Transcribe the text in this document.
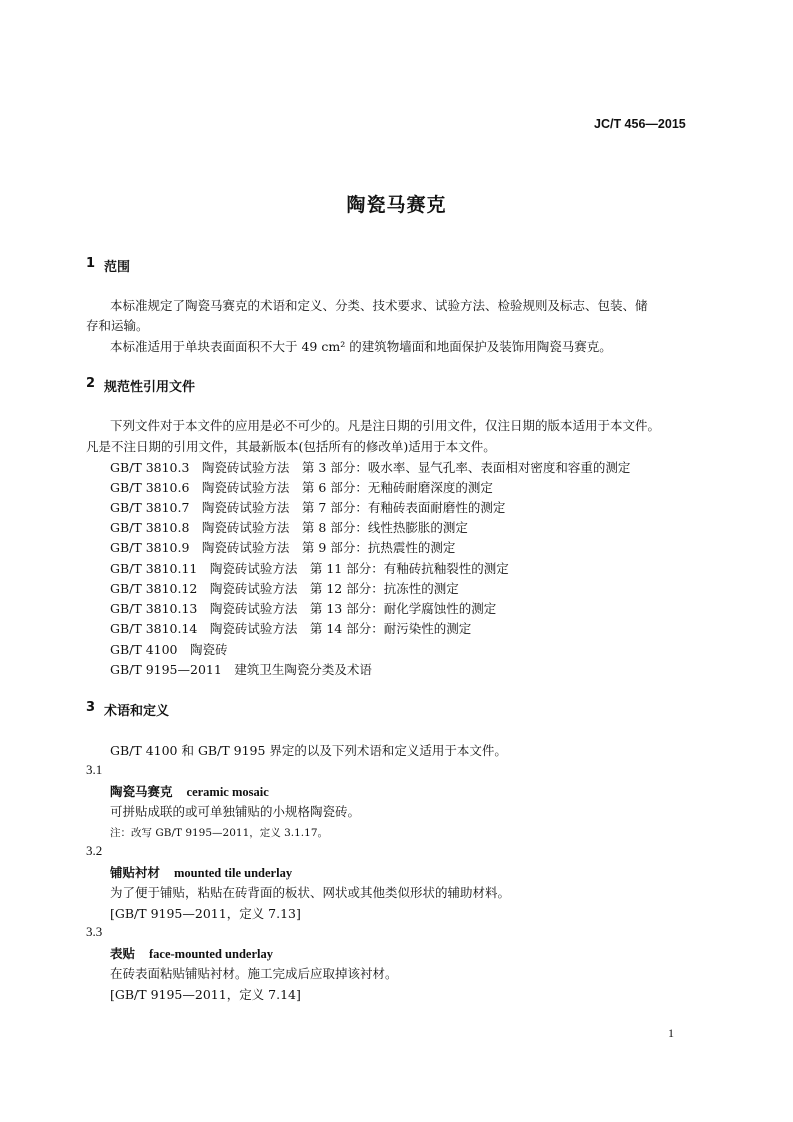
JC/T 456—2015
陶瓷马赛克
1 范围
本标准规定了陶瓷马赛克的术语和定义、分类、技术要求、试验方法、检验规则及标志、包装、储
存和运输。
本标准适用于单块表面面积不大于 49 cm² 的建筑物墙面和地面保护及装饰用陶瓷马赛克。
2 规范性引用文件
下列文件对于本文件的应用是必不可少的。凡是注日期的引用文件，仅注日期的版本适用于本文件。
凡是不注日期的引用文件，其最新版本(包括所有的修改单)适用于本文件。
GB/T 3810.3　陶瓷砖试验方法　第 3 部分：吸水率、显气孔率、表面相对密度和容重的测定
GB/T 3810.6　陶瓷砖试验方法　第 6 部分：无釉砖耐磨深度的测定
GB/T 3810.7　陶瓷砖试验方法　第 7 部分：有釉砖表面耐磨性的测定
GB/T 3810.8　陶瓷砖试验方法　第 8 部分：线性热膨胀的测定
GB/T 3810.9　陶瓷砖试验方法　第 9 部分：抗热震性的测定
GB/T 3810.11　陶瓷砖试验方法　第 11 部分：有釉砖抗釉裂性的测定
GB/T 3810.12　陶瓷砖试验方法　第 12 部分：抗冻性的测定
GB/T 3810.13　陶瓷砖试验方法　第 13 部分：耐化学腐蚀性的测定
GB/T 3810.14　陶瓷砖试验方法　第 14 部分：耐污染性的测定
GB/T 4100　陶瓷砖
GB/T 9195—2011　建筑卫生陶瓷分类及术语
3 术语和定义
GB/T 4100 和 GB/T 9195 界定的以及下列术语和定义适用于本文件。
3.1
陶瓷马赛克 ceramic mosaic
可拼贴成联的或可单独铺贴的小规格陶瓷砖。
注：改写 GB/T 9195—2011，定义 3.1.17。
3.2
铺贴衬材 mounted tile underlay
为了便于铺贴，粘贴在砖背面的板状、网状或其他类似形状的辅助材料。
[GB/T 9195—2011，定义 7.13]
3.3
表贴 face-mounted underlay
在砖表面粘贴铺贴衬材。施工完成后应取掉该衬材。
[GB/T 9195—2011，定义 7.14]
1
